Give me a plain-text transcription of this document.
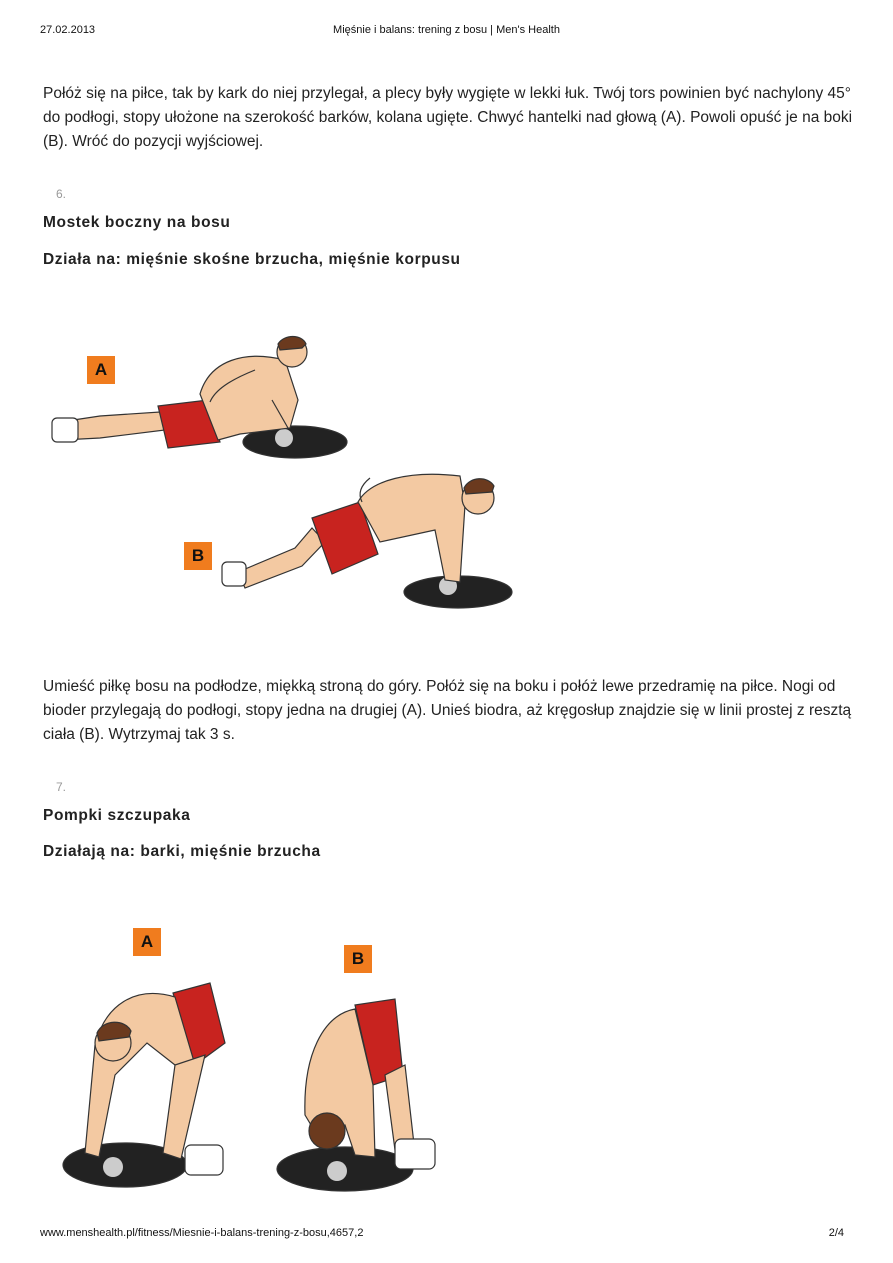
27.02.2013	Mięśnie i balans: trening z bosu | Men's Health

Połóż się na piłce, tak by kark do niej przylegał, a plecy były wygięte w lekki łuk. Twój tors powinien być nachylony 45° do podłogi, stopy ułożone na szerokość barków, kolana ugięte. Chwyć hantelki nad głową (A). Powoli opuść je na boki (B). Wróć do pozycji wyjściowej.

6.
Mostek boczny na bosu
Działa na: mięśnie skośne brzucha, mięśnie korpusu
A
B

Umieść piłkę bosu na podłodze, miękką stroną do góry. Połóż się na boku i połóż lewe przedramię na piłce. Nogi od bioder przylegają do podłogi, stopy jedna na drugiej (A). Unieś biodra, aż kręgosłup znajdzie się w linii prostej z resztą ciała (B). Wytrzymaj tak 3 s.

7.
Pompki szczupaka
Działają na: barki, mięśnie brzucha
A
B
www.menshealth.pl/fitness/Miesnie-i-balans-trening-z-bosu,4657,2	2/4
